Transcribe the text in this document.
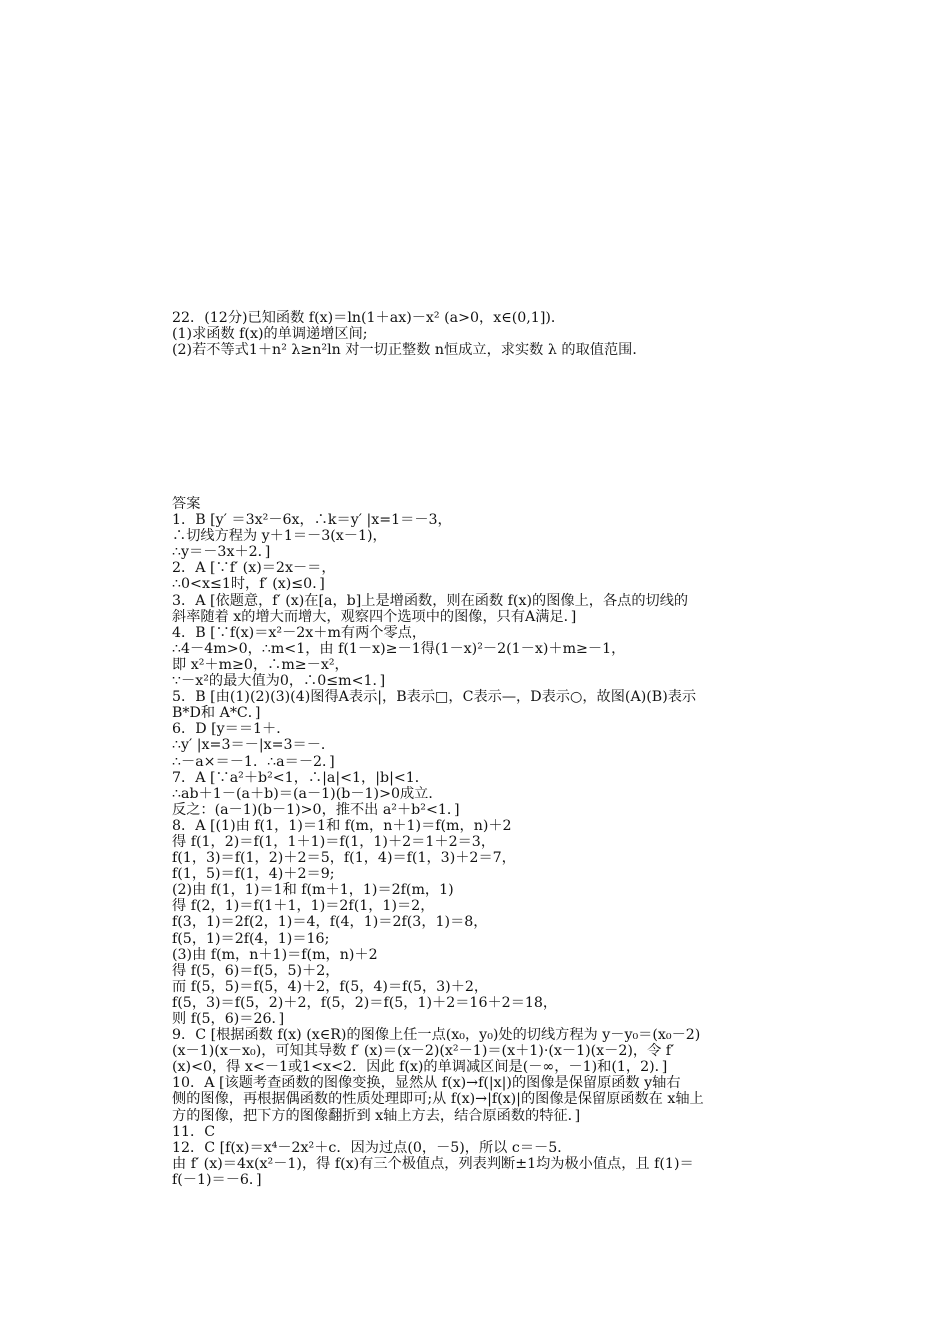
22．(12分)已知函数 f(x)＝ln(1＋ax)－x² (a>0，x∈(0,1])．
(1)求函数 f(x)的单调递增区间;
(2)若不等式1＋n² λ≥n²ln 对一切正整数 n恒成立，求实数 λ 的取值范围．
答案
1．B [y′ ＝3x²－6x，∴k＝y′ |x=1＝－3，
∴切线方程为 y＋1＝－3(x－1)，
∴y＝－3x＋2．]
2．A [∵f′ (x)＝2x－＝，
∴0<x≤1时，f′ (x)≤0．]
3．A [依题意，f′ (x)在[a，b]上是增函数，则在函数 f(x)的图像上，各点的切线的
斜率随着 x的增大而增大，观察四个选项中的图像，只有A满足．]
4．B [∵f(x)＝x²－2x＋m有两个零点，
∴4－4m>0，∴m<1，由 f(1－x)≥－1得(1－x)²－2(1－x)＋m≥－1，
即 x²＋m≥0，∴m≥－x²，
∵－x²的最大值为0，∴0≤m<1．]
5．B [由(1)(2)(3)(4)图得A表示|，B表示□，C表示—，D表示○，故图(A)(B)表示
B*D和 A*C．]
6．D [y＝＝1＋．
∴y′ |x=3＝－|x=3＝－．
∴－a×＝－1．∴a＝－2．]
7．A [∵a²＋b²<1，∴|a|<1，|b|<1．
∴ab＋1－(a＋b)＝(a－1)(b－1)>0成立．
反之：(a－1)(b－1)>0，推不出 a²＋b²<1．]
8．A [(1)由 f(1，1)＝1和 f(m，n＋1)＝f(m，n)＋2
得 f(1，2)＝f(1，1＋1)＝f(1，1)＋2＝1＋2＝3，
f(1，3)＝f(1，2)＋2＝5，f(1，4)＝f(1，3)＋2＝7，
f(1，5)＝f(1，4)＋2＝9;
(2)由 f(1，1)＝1和 f(m＋1，1)＝2f(m，1)
得 f(2，1)＝f(1＋1，1)＝2f(1，1)＝2，
f(3，1)＝2f(2，1)＝4，f(4，1)＝2f(3，1)＝8，
f(5，1)＝2f(4，1)＝16;
(3)由 f(m，n＋1)＝f(m，n)＋2
得 f(5，6)＝f(5，5)＋2，
而 f(5，5)＝f(5，4)＋2，f(5，4)＝f(5，3)＋2，
f(5，3)＝f(5，2)＋2，f(5，2)＝f(5，1)＋2＝16＋2＝18，
则 f(5，6)＝26．]
9．C [根据函数 f(x) (x∈R)的图像上任一点(x₀，y₀)处的切线方程为 y－y₀＝(x₀－2)
(x－1)(x－x₀)，可知其导数 f′ (x)＝(x－2)(x²－1)＝(x＋1)·(x－1)(x－2)，令 f′
(x)<0，得 x<－1或1<x<2．因此 f(x)的单调减区间是(－∞，－1)和(1，2)．]
10．A [该题考查函数的图像变换，显然从 f(x)→f(|x|)的图像是保留原函数 y轴右
侧的图像，再根据偶函数的性质处理即可;从 f(x)→|f(x)|的图像是保留原函数在 x轴上
方的图像，把下方的图像翻折到 x轴上方去，结合原函数的特征．]
11．C
12．C [f(x)＝x⁴－2x²＋c．因为过点(0，－5)，所以 c＝－5．
由 f′ (x)＝4x(x²－1)，得 f(x)有三个极值点，列表判断±1均为极小值点，且 f(1)＝
f(－1)＝－6．]
